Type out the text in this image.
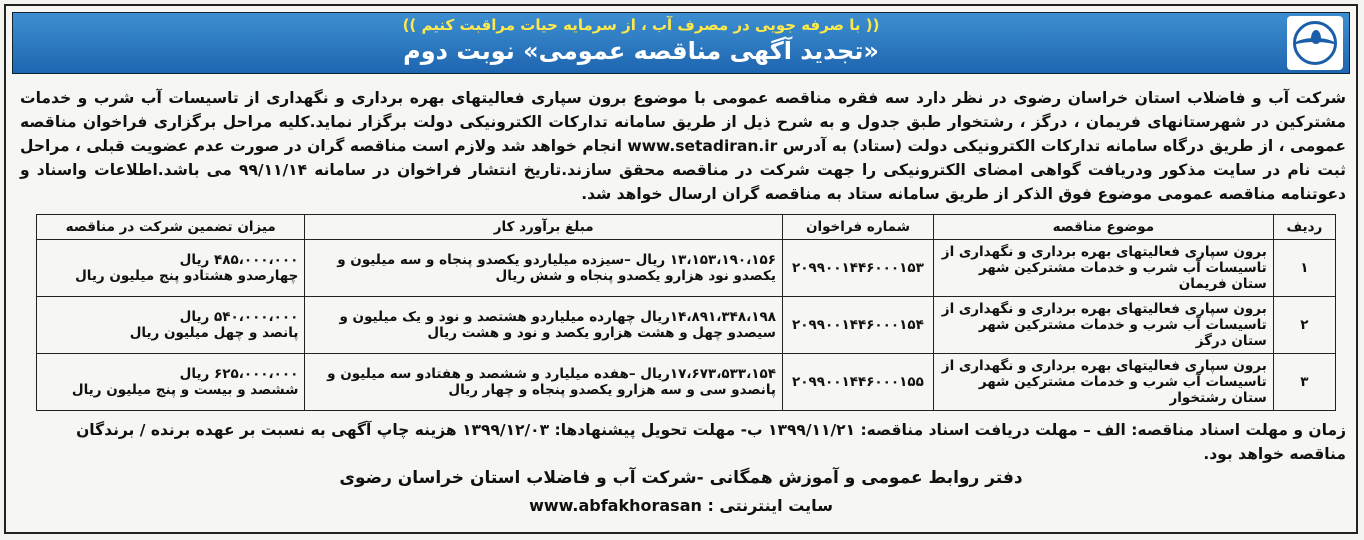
(( با صرفه جویی در مصرف آب ، از سرمایه حیات مراقبت کنیم ))
«تجدید آگهی مناقصه عمومی» نوبت دوم
شرکت آب و فاضلاب استان خراسان رضوی در نظر دارد سه فقره مناقصه عمومی با موضوع برون سپاری فعالیتهای بهره برداری و نگهداری از تاسیسات آب شرب و خدمات مشترکین در شهرستانهای فریمان ، درگز ، رشتخوار طبق جدول و به شرح ذیل از طریق سامانه تدارکات الکترونیکی دولت برگزار نماید.کلیه مراحل برگزاری فراخوان مناقصه عمومی ، از طریق درگاه سامانه تدارکات الکترونیکی دولت (ستاد) به آدرس www.setadiran.ir انجام خواهد شد ولازم است مناقصه گران در صورت عدم عضویت قبلی ، مراحل ثبت نام در سایت مذکور ودریافت گواهی امضای الکترونیکی را جهت شرکت در مناقصه محقق سازند.تاریخ انتشار فراخوان در سامانه ۹۹/۱۱/۱۴ می باشد.اطلاعات واسناد و دعوتنامه مناقصه عمومی موضوع فوق الذکر از طریق سامانه ستاد به مناقصه گران ارسال خواهد شد.
ردیف	موضوع مناقصه	شماره فراخوان	مبلغ برآورد کار	میزان تضمین شرکت در مناقصه
۱	برون سپاری فعالیتهای بهره برداری و نگهداری از تاسیسات آب شرب و خدمات مشترکین شهر ستان فریمان	۲۰۹۹۰۰۱۴۴۶۰۰۰۱۵۳	۱۳،۱۵۳،۱۹۰،۱۵۶ ریال –سیزده میلیاردو یکصدو پنجاه و سه میلیون و یکصدو نود هزارو یکصدو پنجاه و شش ریال	۴۸۵،۰۰۰،۰۰۰ ریال
چهارصدو هشتادو پنج میلیون ریال

۲	برون سپاری فعالیتهای بهره برداری و نگهداری از تاسیسات آب شرب و خدمات مشترکین شهر ستان درگز	۲۰۹۹۰۰۱۴۴۶۰۰۰۱۵۴	۱۴،۸۹۱،۳۴۸،۱۹۸ریال چهارده میلیاردو هشتصد و نود و یک میلیون و سیصدو چهل و هشت هزارو یکصد و نود و هشت ریال	۵۴۰،۰۰۰،۰۰۰ ریال
پانصد و چهل میلیون ریال

۳	برون سپاری فعالیتهای بهره برداری و نگهداری از تاسیسات آب شرب و خدمات مشترکین شهر ستان رشتخوار	۲۰۹۹۰۰۱۴۴۶۰۰۰۱۵۵	۱۷،۶۷۳،۵۳۳،۱۵۴ریال –هفده میلیارد و ششصد و هفتادو سه میلیون و پانصدو سی و سه هزارو یکصدو پنجاه و چهار ریال	۶۲۵،۰۰۰،۰۰۰ ریال
ششصد و بیست و پنج میلیون ریال
زمان و مهلت اسناد مناقصه: الف – مهلت دریافت اسناد مناقصه: ۱۳۹۹/۱۱/۲۱ ب- مهلت تحویل پیشنهادها: ۱۳۹۹/۱۲/۰۳ هزینه چاپ آگهی به نسبت بر عهده برنده / برندگان مناقصه خواهد بود.
دفتر روابط عمومی و آموزش همگانی -شرکت آب و فاضلاب استان خراسان رضوی
سایت اینترنتی : www.abfakhorasan
